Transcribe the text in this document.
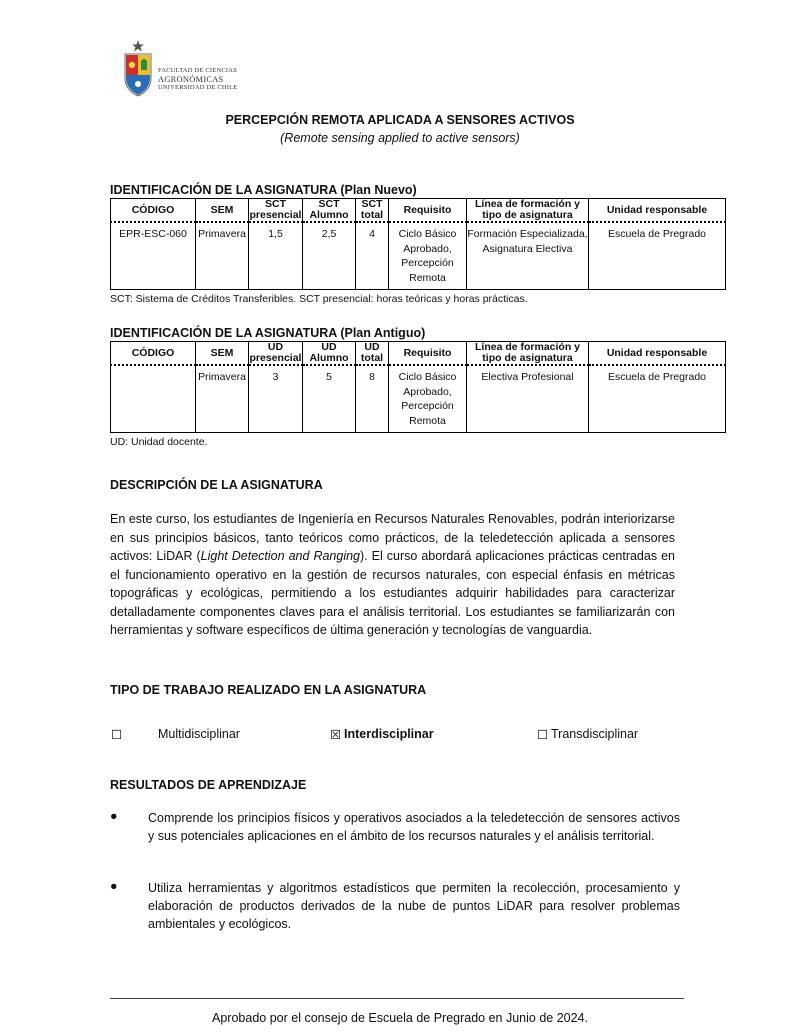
FACULTAD DE CIENCIAS
AGRONÓMICAS
UNIVERSIDAD DE CHILE
PERCEPCIÓN REMOTA APLICADA A SENSORES ACTIVOS
(Remote sensing applied to active sensors)
IDENTIFICACIÓN DE LA ASIGNATURA (Plan Nuevo)
CÓDIGO	SEM	SCT presencial	SCT Alumno	SCT total	Requisito	Línea de formación y tipo de asignatura	Unidad responsable
EPR-ESC-060	Primavera	1,5	2,5	4	Ciclo Básico Aprobado, Percepción Remota	Formación Especializada, Asignatura Electiva	Escuela de Pregrado
SCT: Sistema de Créditos Transferibles. SCT presencial: horas teóricas y horas prácticas.
IDENTIFICACIÓN DE LA ASIGNATURA (Plan Antiguo)
CÓDIGO	SEM	UD presencial	UD Alumno	UD total	Requisito	Línea de formación y tipo de asignatura	Unidad responsable
	Primavera	3	5	8	Ciclo Básico Aprobado, Percepción Remota	Electiva Profesional	Escuela de Pregrado
UD: Unidad docente.
DESCRIPCIÓN DE LA ASIGNATURA
En este curso, los estudiantes de Ingeniería en Recursos Naturales Renovables, podrán interiorizarse en sus principios básicos, tanto teóricos como prácticos, de la teledetección aplicada a sensores activos: LiDAR (Light Detection and Ranging). El curso abordará aplicaciones prácticas centradas en el funcionamiento operativo en la gestión de recursos naturales, con especial énfasis en métricas topográficas y ecológicas, permitiendo a los estudiantes adquirir habilidades para caracterizar detalladamente componentes claves para el análisis territorial. Los estudiantes se familiarizarán con herramientas y software específicos de última generación y tecnologías de vanguardia.
TIPO DE TRABAJO REALIZADO EN LA ASIGNATURA
☐	Multidisciplinar	☒ Interdisciplinar	☐ Transdisciplinar
RESULTADOS DE APRENDIZAJE
● Comprende los principios físicos y operativos asociados a la teledetección de sensores activos y sus potenciales aplicaciones en el ámbito de los recursos naturales y el análisis territorial.
● Utiliza herramientas y algoritmos estadísticos que permiten la recolección, procesamiento y elaboración de productos derivados de la nube de puntos LiDAR para resolver problemas ambientales y ecológicos.
Aprobado por el consejo de Escuela de Pregrado en Junio de 2024.
